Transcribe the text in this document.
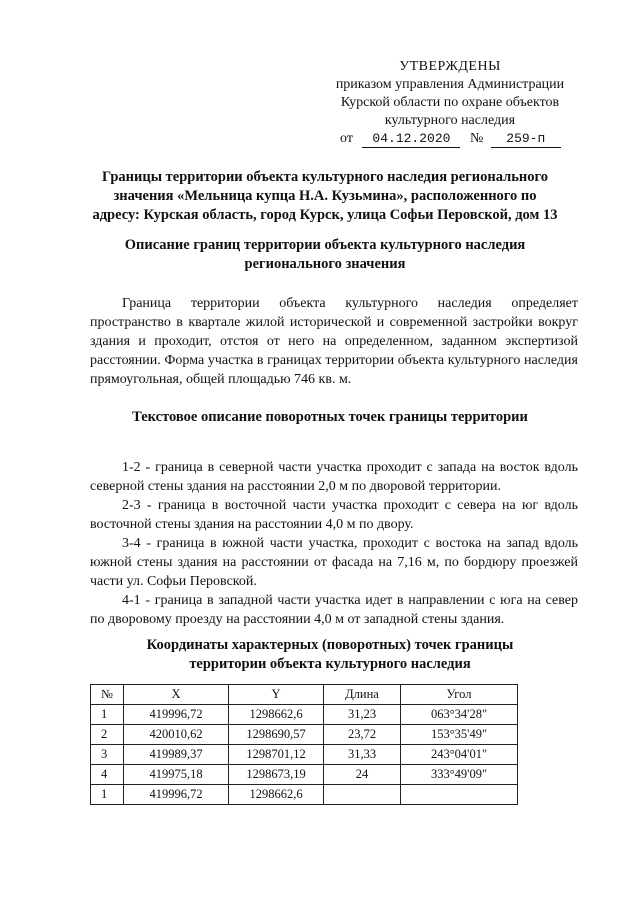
УТВЕРЖДЕНЫ
приказом управления Администрации
Курской области по охране объектов
культурного наследия
от 04.12.2020 № 259-п
Границы территории объекта культурного наследия регионального значения «Мельница купца Н.А. Кузьмина», расположенного по адресу: Курская область, город Курск, улица Софьи Перовской, дом 13
Описание границ территории объекта культурного наследия регионального значения

Граница территории объекта культурного наследия определяет пространство в квартале жилой исторической и современной застройки вокруг здания и проходит, отстоя от него на определенном, заданном экспертизой расстоянии. Форма участка в границах территории объекта культурного наследия прямоугольная, общей площадью 746 кв. м.

Текстовое описание поворотных точек границы территории

1-2 - граница в северной части участка проходит с запада на восток вдоль северной стены здания на расстоянии 2,0 м по дворовой территории.

2-3 - граница в восточной части участка проходит с севера на юг вдоль восточной стены здания на расстоянии 4,0 м по двору.

3-4 - граница в южной части участка, проходит с востока на запад вдоль южной стены здания на расстоянии от фасада на 7,16 м, по бордюру проезжей части ул. Софьи Перовской.

4-1 - граница в западной части участка идет в направлении с юга на север по дворовому проезду на расстоянии 4,0 м от западной стены здания.

Координаты характерных (поворотных) точек границы территории объекта культурного наследия
№	X	Y	Длина	Угол
1	419996,72	1298662,6	31,23	063°34'28"
2	420010,62	1298690,57	23,72	153°35'49"
3	419989,37	1298701,12	31,33	243°04'01"
4	419975,18	1298673,19	24	333°49'09"
1	419996,72	1298662,6		
